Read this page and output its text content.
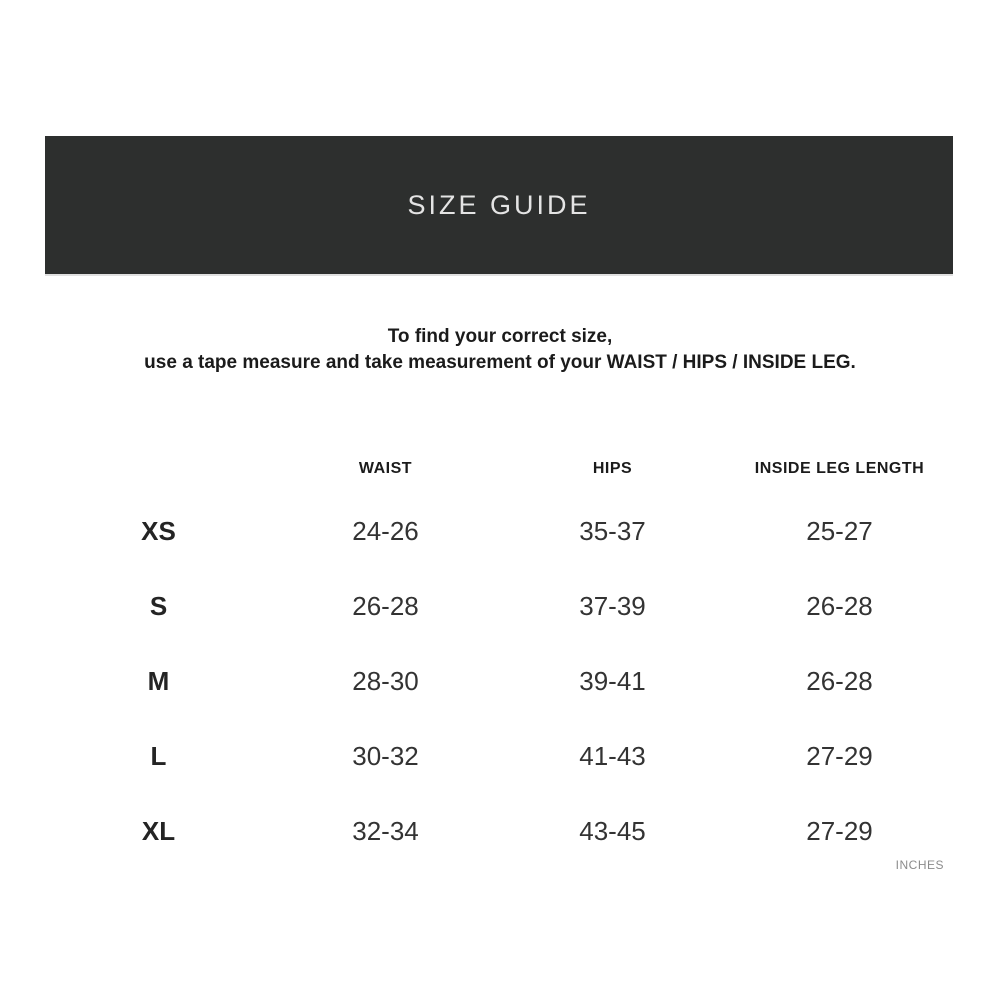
SIZE GUIDE
To find your correct size,
use a tape measure and take measurement of your WAIST / HIPS / INSIDE LEG.
WAIST	HIPS	INSIDE LEG LENGTH
XS	24-26	35-37	25-27
S	26-28	37-39	26-28
M	28-30	39-41	26-28
L	30-32	41-43	27-29
XL	32-34	43-45	27-29
INCHES
